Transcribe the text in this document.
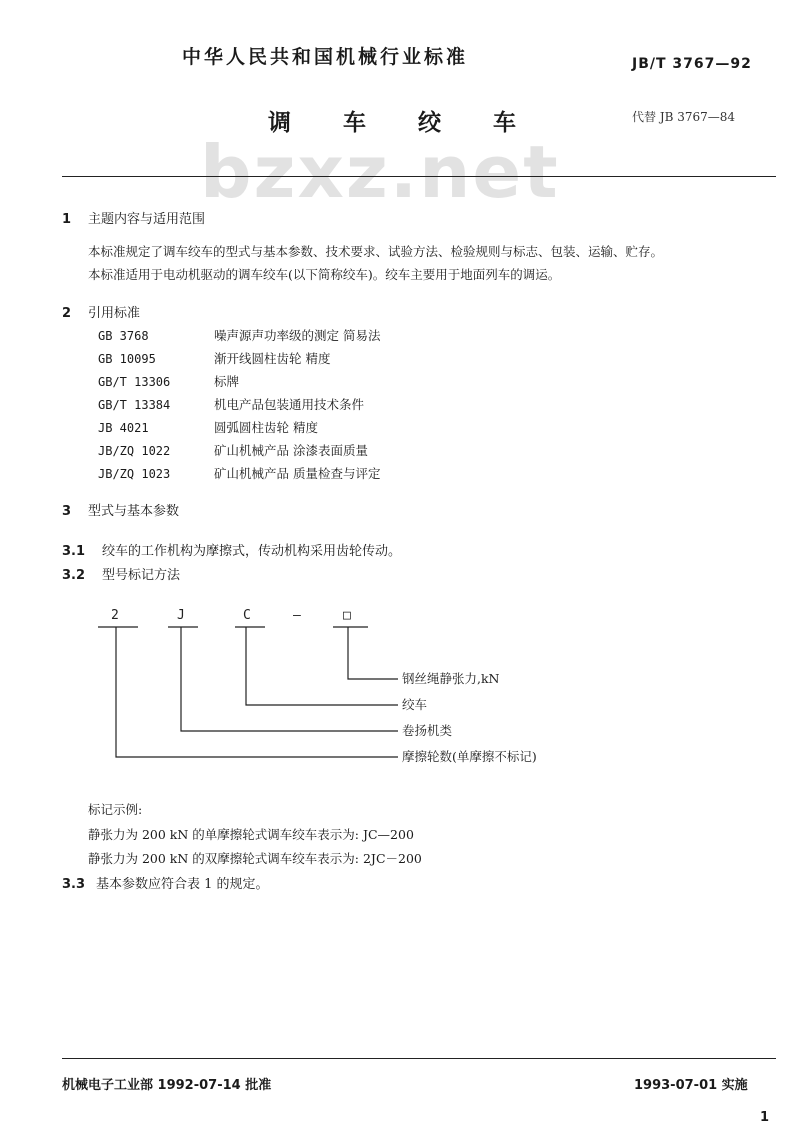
bzxz.net
中华人民共和国机械行业标准	JB/T 3767—92
调 车 绞 车	代替 JB 3767—84
1 主题内容与适用范围
本标准规定了调车绞车的型式与基本参数、技术要求、试验方法、检验规则与标志、包装、运输、贮存。
本标准适用于电动机驱动的调车绞车(以下简称绞车)。绞车主要用于地面列车的调运。
2 引用标准
GB 3768	噪声源声功率级的测定 简易法
GB 10095	渐开线圆柱齿轮 精度
GB/T 13306	标牌
GB/T 13384	机电产品包装通用技术条件
JB 4021	圆弧圆柱齿轮 精度
JB/ZQ 1022	矿山机械产品 涂漆表面质量
JB/ZQ 1023	矿山机械产品 质量检查与评定
3 型式与基本参数
3.1 绞车的工作机构为摩擦式，传动机构采用齿轮传动。
3.2 型号标记方法
2	J	C	—	□
钢丝绳静张力,kN
绞车
卷扬机类
摩擦轮数(单摩擦不标记)
标记示例:
静张力为 200 kN 的单摩擦轮式调车绞车表示为: JC—200
静张力为 200 kN 的双摩擦轮式调车绞车表示为: 2JC－200
3.3 基本参数应符合表 1 的规定。
机械电子工业部 1992-07-14 批准	1993-07-01 实施
1
